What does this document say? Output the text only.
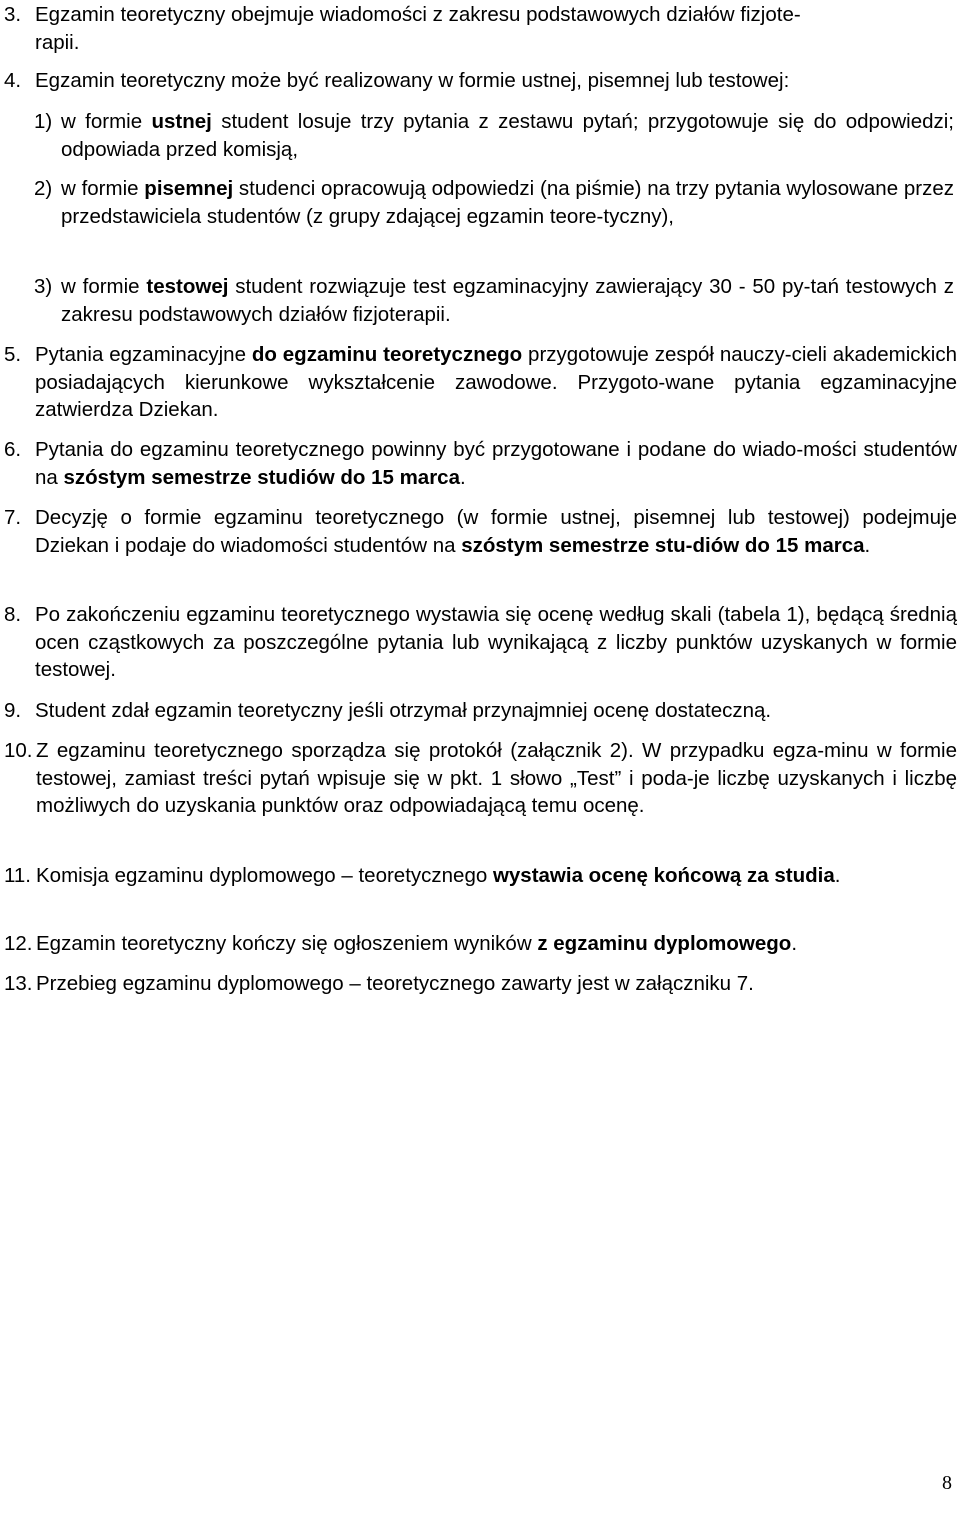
3. Egzamin teoretyczny obejmuje wiadomości z zakresu podstawowych działów fizjote-
rapii.
4. Egzamin teoretyczny może być realizowany w formie ustnej, pisemnej lub testowej:
1) w formie ustnej student losuje trzy pytania z zestawu pytań; przygotowuje się do odpowiedzi; odpowiada przed komisją,
2) w formie pisemnej studenci opracowują odpowiedzi (na piśmie) na trzy pytania wylosowane przez przedstawiciela studentów (z grupy zdającej egzamin teore-tyczny),
3) w formie testowej student rozwiązuje test egzaminacyjny zawierający 30 - 50 py-tań testowych z zakresu podstawowych działów fizjoterapii.
5. Pytania egzaminacyjne do egzaminu teoretycznego przygotowuje zespół nauczy-cieli akademickich posiadających kierunkowe wykształcenie zawodowe. Przygoto-wane pytania egzaminacyjne zatwierdza Dziekan.
6. Pytania do egzaminu teoretycznego powinny być przygotowane i podane do wiado-mości studentów na szóstym semestrze studiów do 15 marca.
7. Decyzję o formie egzaminu teoretycznego (w formie ustnej, pisemnej lub testowej) podejmuje Dziekan i podaje do wiadomości studentów na szóstym semestrze stu-diów do 15 marca.
8. Po zakończeniu egzaminu teoretycznego wystawia się ocenę według skali (tabela 1), będącą średnią ocen cząstkowych za poszczególne pytania lub wynikającą z liczby punktów uzyskanych w formie testowej.
9. Student zdał egzamin teoretyczny jeśli otrzymał przynajmniej ocenę dostateczną.
10. Z egzaminu teoretycznego sporządza się protokół (załącznik 2). W przypadku egza-minu w formie testowej, zamiast treści pytań wpisuje się w pkt. 1 słowo „Test” i poda-je liczbę uzyskanych i liczbę możliwych do uzyskania punktów oraz odpowiadającą temu ocenę.
11. Komisja egzaminu dyplomowego – teoretycznego wystawia ocenę końcową za studia.
12. Egzamin teoretyczny kończy się ogłoszeniem wyników z egzaminu dyplomowego.
13. Przebieg egzaminu dyplomowego – teoretycznego zawarty jest w załączniku 7.
8
